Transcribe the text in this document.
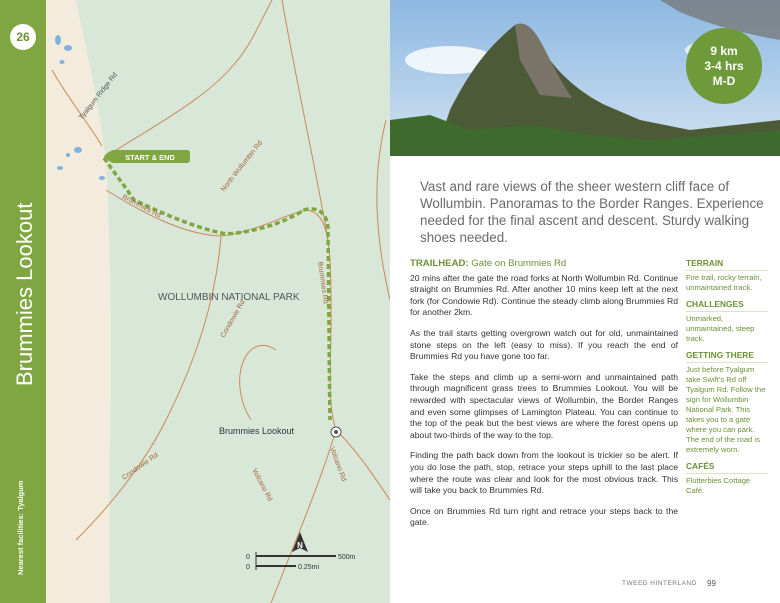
26
Brummies Lookout
Nearest facilities: Tyalgum
START & END
Tyalgum Ridge Rd
North Wollumbin Rd
Brummies Rd
Brummies Rd
Condowie Rd
Condowie Rd	Volcano Rd
Volcano Rd
WOLLUMBIN NATIONAL PARK
Brummies Lookout
N
0	500m
0	0.25mi
9 km
3-4 hrs
M-D
Vast and rare views of the sheer western cliff face of Wollumbin. Panoramas to the Border Ranges. Experience needed for the final ascent and descent. Sturdy walking shoes needed.
TRAILHEAD: Gate on Brummies Rd

20 mins after the gate the road forks at North Wollumbin Rd. Continue straight on Brummies Rd. After another 10 mins keep left at the next fork (for Condowie Rd). Continue the steady climb along Brummies Rd for another 2km.

As the trail starts getting overgrown watch out for old, unmaintained stone steps on the left (easy to miss). If you reach the end of Brummies Rd you have gone too far.

Take the steps and climb up a semi-worn and unmaintained path through magnificent grass trees to Brummies Lookout. You will be rewarded with spectacular views of Wollumbin, the Border Ranges and even some glimpses of Lamington Plateau. You can continue to the top of the peak but the best views are where the forest opens up about two-thirds of the way to the top.

Finding the path back down from the lookout is trickier so be alert. If you do lose the path, stop, retrace your steps uphill to the last place where the route was clear and look for the most obvious track. This will take you back to Brummies Rd.

Once on Brummies Rd turn right and retrace your steps back to the gate.

TERRAIN
Fire trail, rocky terrain, unmaintained track.
CHALLENGES
Unmarked, unmaintained, steep track.
GETTING THERE
Just before Tyalgum take Swift's Rd off Tyalgum Rd. Follow the sign for Wollumbin National Park. This takes you to a gate where you can park. The end of the road is extremely worn.
CAFÉS
Flutterbies Cottage Café.
TWEED HINTERLAND 99
